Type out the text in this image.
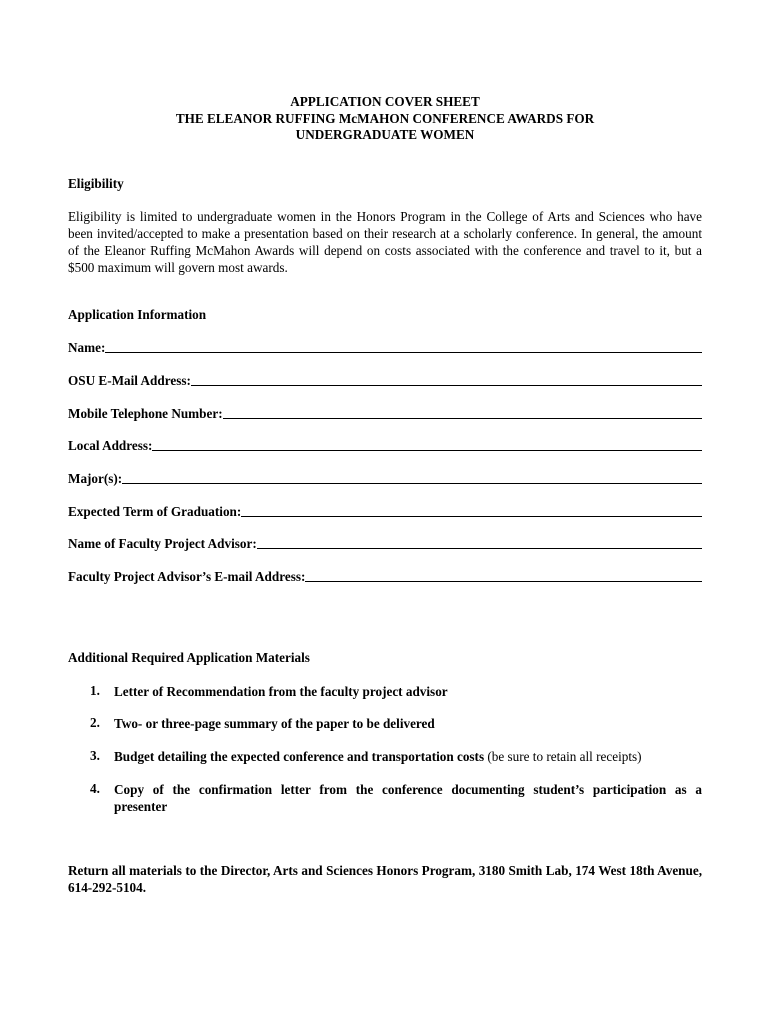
APPLICATION COVER SHEET
THE ELEANOR RUFFING McMAHON CONFERENCE AWARDS FOR
UNDERGRADUATE WOMEN
Eligibility
Eligibility is limited to undergraduate women in the Honors Program in the College of Arts and Sciences who have been invited/accepted to make a presentation based on their research at a scholarly conference. In general, the amount of the Eleanor Ruffing McMahon Awards will depend on costs associated with the conference and travel to it, but a $500 maximum will govern most awards.
Application Information
Name:
OSU E-Mail Address:
Mobile Telephone Number:
Local Address:
Major(s):
Expected Term of Graduation:
Name of Faculty Project Advisor:
Faculty Project Advisor’s E-mail Address:
Additional Required Application Materials
1. Letter of Recommendation from the faculty project advisor
2. Two- or three-page summary of the paper to be delivered
3. Budget detailing the expected conference and transportation costs (be sure to retain all receipts)
4. Copy of the confirmation letter from the conference documenting student’s participation as a
presenter
Return all materials to the Director, Arts and Sciences Honors Program, 3180 Smith Lab, 174 West 18th Avenue, 614-292-5104.
